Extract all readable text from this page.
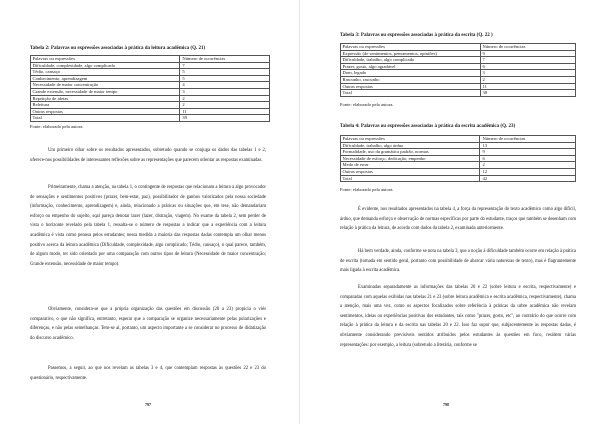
Tabela 2: Palavras ou expressões associadas à prática da leitura acadêmica (Q. 21)
Palavras ou expressões	Número de ocorrências
Dificuldade, complexidade, algo complicado	7
Tédio, cansaço	5
Conhecimento, aprendizagem	5
Necessidade de maior concentração	4
Grande extensão, necessidade de maior tempo	3
Repetição de ideias	2
Releitura	2
Outras respostas	11
Total	39
Fonte: elaborado pela autora.

Um primeiro olhar sobre os resultados apresentados, sobretudo quando se conjuga os dados das tabelas 1 e 2, oferece-nos possibilidades de interessantes reflexões sobre as representações que parecem orientar as respostas examinadas.

Primeiramente, chama a atenção, na tabela 1, o contingente de respostas que relacionam a leitura a algo provocador de sensações e sentimentos positivos (prazer, bem-estar, paz), possibilitador de ganhos valorizados pela nossa sociedade (informação, conhecimento, aprendizagem) e, ainda, relacionado a práticas ou situações que, em tese, não demandariam esforço ou empenho do sujeito, sqal pareça denotar lazer (lazer, distração, viagem). No exame da tabela 2, sem perder de vista o horizonte revelado pela tabela 1, ressalta-se o número de respostas a indicar que a experiência com a leitura acadêmica é vista como penosa pelos estudantes; nessa medida a maioria das respostas dadas contempla um olhar menos positivo acerca da leitura acadêmica (Dificuldade, complexidade, algo complicado; Tédio, cansaço), o qual parece, também, de algum modo, ter sido orientado por uma comparação com outros tipos de leitura (Necessidade de maior concentração; Grande extensão, necessidade de maior tempo).

Obviamente, considera-se que a própria organização das questões em discussão (20 a 23) propicia o viés comparativo, o que não significa, entretanto, esperar que a comparação se organize necessariamente pelas polarizações e diferenças, e não pelas semelhanças. Tem-se aí, portanto, um aspecto importante a se considerar no processo de didatização do discurso acadêmico.

Passemos, a seguir, ao que nos revelam as tabelas 3 e 4, que contemplam respostas às questões 22 e 23 do questionário, respectivamente.

797
Tabela 3: Palavras ou expressões associadas à prática da escrita (Q. 22 )
Palavras ou expressões	Número de ocorrências
Expressão (de sentimentos, pensamentos, opiniões)	9
Dificuldade, trabalho, algo complicado	7
Prazer, gosto, algo agradável	6
Dom, legado	3
Rascunho, rascunho	2
Outras respostas	11
Total	38
Fonte: elaborado pela autora.
Tabela 4: Palavras ou expressões associadas à prática da escrita acadêmica (Q. 23)
Palavras ou expressões	Número de ocorrências
Dificuldade, trabalho, algo árduo	13
Formalidade, uso da gramática padrão, normas	9
Necessidade de esforço, dedicação, empenho	6
Medo de errar	2
Outras respostas	12
Total	42
Fonte: elaborado pela autora.

É evidente, nos resultados apresentados na tabela 4, a força da representação do texto acadêmico como algo difícil, árduo, que demanda esforço e observação de normas específicas por parte do estudante, traços que também se desenham com relação à prática da leitura, de acordo com dados da tabela 2, examinada anteriormente.

Há bem verdade, ainda, conforme se nota na tabela 3, que a noção à dificuldade também ocorre em relação à prática de escrita (tomada em sentido geral, portanto com possibilidade de abarcar vária naturezas de texto), mas é flagrantemente mais ligada à escrita acadêmica.

Examinadas separadamente as informações das tabelas 20 e 22 (sobre leitura e escrita, respectivamente) e comparadas com aquelas exibidas nas tabelas 21 e 23 (sobre leitura acadêmica e escrita acadêmica, respectivamente), chama a atenção, mais uma vez, como os aspectos focalizados sobre referência à práticas da urbre acadêmica não revelam sentimentos, ideias ou experiências positivas dos estudantes, tais como "prazer, gosto, etc", ao contrário do que ocorre com relação à prática da leitura e da escrita nas tabelas 20 e 22. Isso faz supor que, subjacentemente às respostas dadas, é obviamente considerando previsíveis sentidos atribuídos pelos estudantes às questões em foco, residem várias representações: por exemplo, a leitura (sobretudo a literária, conforme se

798
